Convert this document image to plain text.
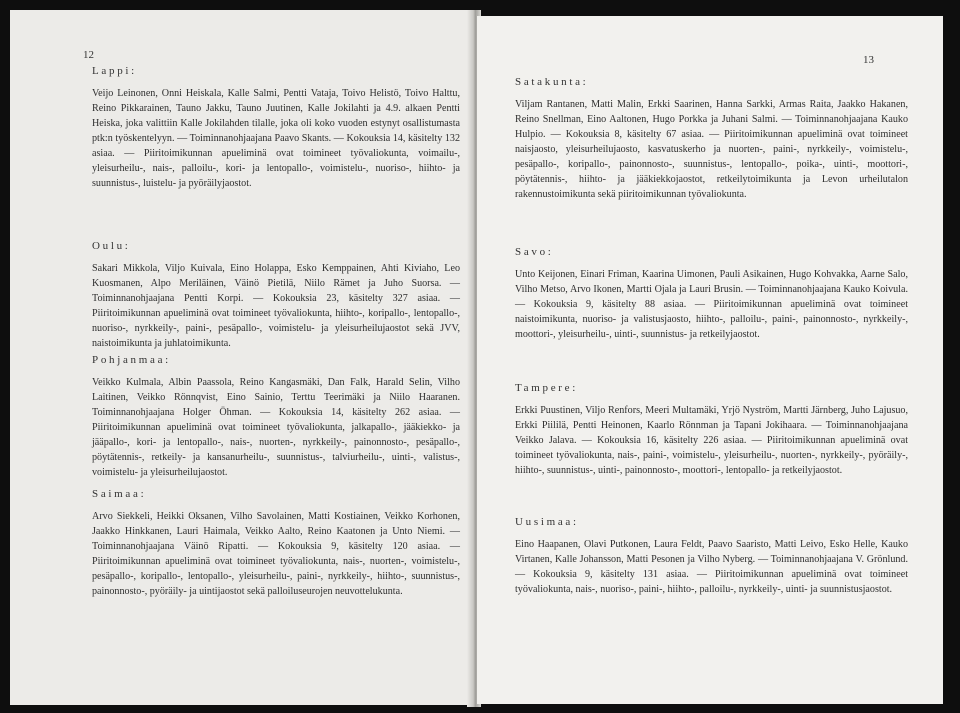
12
Lappi:

Veijo Leinonen, Onni Heiskala, Kalle Salmi, Pentti Vataja, Toivo Helistö, Toivo Halttu, Reino Pikkarainen, Tauno Jakku, Tauno Juutinen, Kalle Jokilahti ja 4.9. alkaen Pentti Heiska, joka valittiin Kalle Jokilahden tilalle, joka oli koko vuoden estynyt osallistumasta ptk:n työskentelyyn. — Toiminnanohjaajana Paavo Skants. — Kokouksia 14, käsitelty 132 asiaa. — Piiritoimikunnan apueliminä ovat toimineet työvaliokunta, voimailu-, yleisurheilu-, nais-, palloilu-, kori- ja lentopallo-, voimistelu-, nuoriso-, hiihto- ja suunnistus-, luistelu- ja pyöräilyjaostot.

Oulu:

Sakari Mikkola, Viljo Kuivala, Eino Holappa, Esko Kemppainen, Ahti Kiviaho, Leo Kuosmanen, Alpo Meriläinen, Väinö Pietilä, Niilo Rämet ja Juho Suorsa. — Toiminnanohjaajana Pentti Korpi. — Kokouksia 23, käsitelty 327 asiaa. — Piiritoimikunnan apueliminä ovat toimineet työvaliokunta, hiihto-, koripallo-, lentopallo-, nuoriso-, nyrkkeily-, paini-, pesäpallo-, voimistelu- ja yleisurheilujaostot sekä JVV, naistoimikunta ja juhlatoimikunta.

Pohjanmaa:

Veikko Kulmala, Albin Paassola, Reino Kangasmäki, Dan Falk, Harald Selin, Vilho Laitinen, Veikko Rönnqvist, Eino Sainio, Terttu Teerimäki ja Niilo Haaranen. Toiminnanohjaajana Holger Öhman. — Kokouksia 14, käsitelty 262 asiaa. — Piiritoimikunnan apueliminä ovat toimineet työvaliokunta, jalkapallo-, jääkiekko- ja jääpallo-, kori- ja lentopallo-, nais-, nuorten-, nyrkkeily-, painonnosto-, pesäpallo-, pöytätennis-, retkeily- ja kansanurheilu-, suunnistus-, talviurheilu-, uinti-, valistus-, voimistelu- ja yleisurheilujaostot.

Saimaa:

Arvo Siekkeli, Heikki Oksanen, Vilho Savolainen, Matti Kostiainen, Veikko Korhonen, Jaakko Hinkkanen, Lauri Haimala, Veikko Aalto, Reino Kaatonen ja Unto Niemi. — Toiminnanohjaajana Väinö Ripatti. — Kokouksia 9, käsitelty 120 asiaa. — Piiritoimikunnan apueliminä ovat toimineet työvaliokunta, nais-, nuorten-, voimistelu-, pesäpallo-, koripallo-, lentopallo-, yleisurheilu-, paini-, nyrkkeily-, hiihto-, suunnistus-, painonnosto-, pyöräily- ja uintijaostot sekä palloiluseurojen neuvottelukunta.

13
Satakunta:

Viljam Rantanen, Matti Malin, Erkki Saarinen, Hanna Sarkki, Armas Raita, Jaakko Hakanen, Reino Snellman, Eino Aaltonen, Hugo Porkka ja Juhani Salmi. — Toiminnanohjaajana Kauko Hulpio. — Kokouksia 8, käsitelty 67 asiaa. — Piiritoimikunnan apueliminä ovat toimineet naisjaosto, yleisurheilujaosto, kasvatuskerho ja nuorten-, paini-, nyrkkeily-, voimistelu-, pesäpallo-, koripallo-, painonnosto-, suunnistus-, lentopallo-, poika-, uinti-, moottori-, pöytätennis-, hiihto- ja jääkiekkojaostot, retkeilytoimikunta ja Levon urheilutalon rakennustoimikunta sekä piiritoimikunnan työvaliokunta.

Savo:

Unto Keijonen, Einari Friman, Kaarina Uimonen, Pauli Asikainen, Hugo Kohvakka, Aarne Salo, Vilho Metso, Arvo Ikonen, Martti Ojala ja Lauri Brusin. — Toiminnanohjaajana Kauko Koivula. — Kokouksia 9, käsitelty 88 asiaa. — Piiritoimikunnan apueliminä ovat toimineet naistoimikunta, nuoriso- ja valistusjaosto, hiihto-, palloilu-, paini-, painonnosto-, nyrkkeily-, moottori-, yleisurheilu-, uinti-, suunnistus- ja retkeilyjaostot.

Tampere:

Erkki Puustinen, Viljo Renfors, Meeri Multamäki, Yrjö Nyström, Martti Järnberg, Juho Lajusuo, Erkki Piililä, Pentti Heinonen, Kaarlo Rönnman ja Tapani Jokihaara. — Toiminnanohjaajana Veikko Jalava. — Kokouksia 16, käsitelty 226 asiaa. — Piiritoimikunnan apueliminä ovat toimineet työvaliokunta, nais-, paini-, voimistelu-, yleisurheilu-, nuorten-, nyrkkeily-, pyöräily-, hiihto-, suunnistus-, uinti-, painonnosto-, moottori-, lentopallo- ja retkeilyjaostot.

Uusimaa:

Eino Haapanen, Olavi Putkonen, Laura Feldt, Paavo Saaristo, Matti Leivo, Esko Helle, Kauko Virtanen, Kalle Johansson, Matti Pesonen ja Vilho Nyberg. — Toiminnanohjaajana V. Grönlund. — Kokouksia 9, käsitelty 131 asiaa. — Piiritoimikunnan apueliminä ovat toimineet työvaliokunta, nais-, nuoriso-, paini-, hiihto-, palloilu-, nyrkkeily-, uinti- ja suunnistusjaostot.
